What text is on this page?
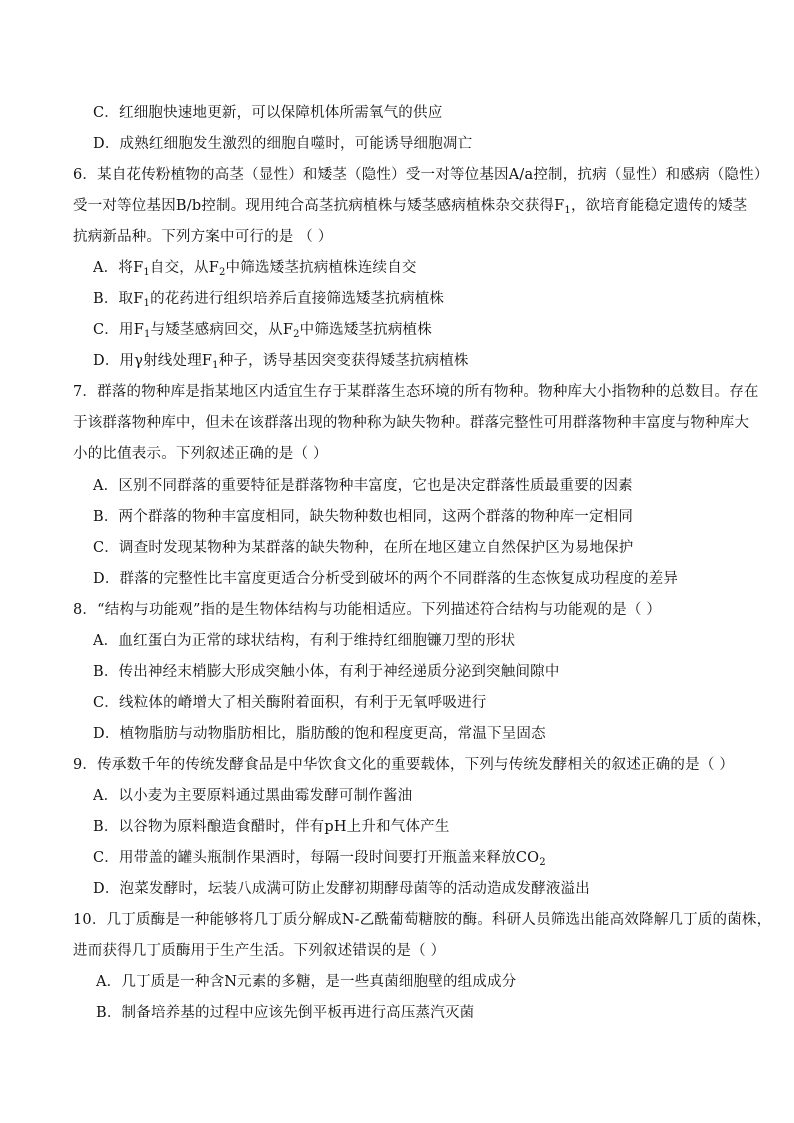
C．红细胞快速地更新，可以保障机体所需氧气的供应
D．成熟红细胞发生激烈的细胞自噬时，可能诱导细胞凋亡
6．某自花传粉植物的高茎（显性）和矮茎（隐性）受一对等位基因A/a控制，抗病（显性）和感病（隐性）
受一对等位基因B/b控制。现用纯合高茎抗病植株与矮茎感病植株杂交获得$F_1$，欲培育能稳定遗传的矮茎
抗病新品种。下列方案中可行的是 （ ）
A．将$F_1$自交，从$F_2$中筛选矮茎抗病植株连续自交
B．取$F_1$的花药进行组织培养后直接筛选矮茎抗病植株
C．用$F_1$与矮茎感病回交，从$F_2$中筛选矮茎抗病植株
D．用γ射线处理$F_1$种子，诱导基因突变获得矮茎抗病植株
7．群落的物种库是指某地区内适宜生存于某群落生态环境的所有物种。物种库大小指物种的总数目。存在
于该群落物种库中，但未在该群落出现的物种称为缺失物种。群落完整性可用群落物种丰富度与物种库大
小的比值表示。下列叙述正确的是（ ）
A．区别不同群落的重要特征是群落物种丰富度，它也是决定群落性质最重要的因素
B．两个群落的物种丰富度相同，缺失物种数也相同，这两个群落的物种库一定相同
C．调查时发现某物种为某群落的缺失物种，在所在地区建立自然保护区为易地保护
D．群落的完整性比丰富度更适合分析受到破坏的两个不同群落的生态恢复成功程度的差异
8．“结构与功能观”指的是生物体结构与功能相适应。下列描述符合结构与功能观的是（ ）
A．血红蛋白为正常的球状结构，有利于维持红细胞镰刀型的形状
B．传出神经末梢膨大形成突触小体，有利于神经递质分泌到突触间隙中
C．线粒体的嵴增大了相关酶附着面积，有利于无氧呼吸进行
D．植物脂肪与动物脂肪相比，脂肪酸的饱和程度更高，常温下呈固态
9．传承数千年的传统发酵食品是中华饮食文化的重要载体，下列与传统发酵相关的叙述正确的是（ ）
A．以小麦为主要原料通过黑曲霉发酵可制作酱油
B．以谷物为原料酿造食醋时，伴有pH上升和气体产生
C．用带盖的罐头瓶制作果酒时，每隔一段时间要打开瓶盖来释放$CO_2$
D．泡菜发酵时，坛装八成满可防止发酵初期酵母菌等的活动造成发酵液溢出
10．几丁质酶是一种能够将几丁质分解成N-乙酰葡萄糖胺的酶。科研人员筛选出能高效降解几丁质的菌株，
进而获得几丁质酶用于生产生活。下列叙述错误的是（ ）
A．几丁质是一种含N元素的多糖，是一些真菌细胞壁的组成成分
B．制备培养基的过程中应该先倒平板再进行高压蒸汽灭菌
